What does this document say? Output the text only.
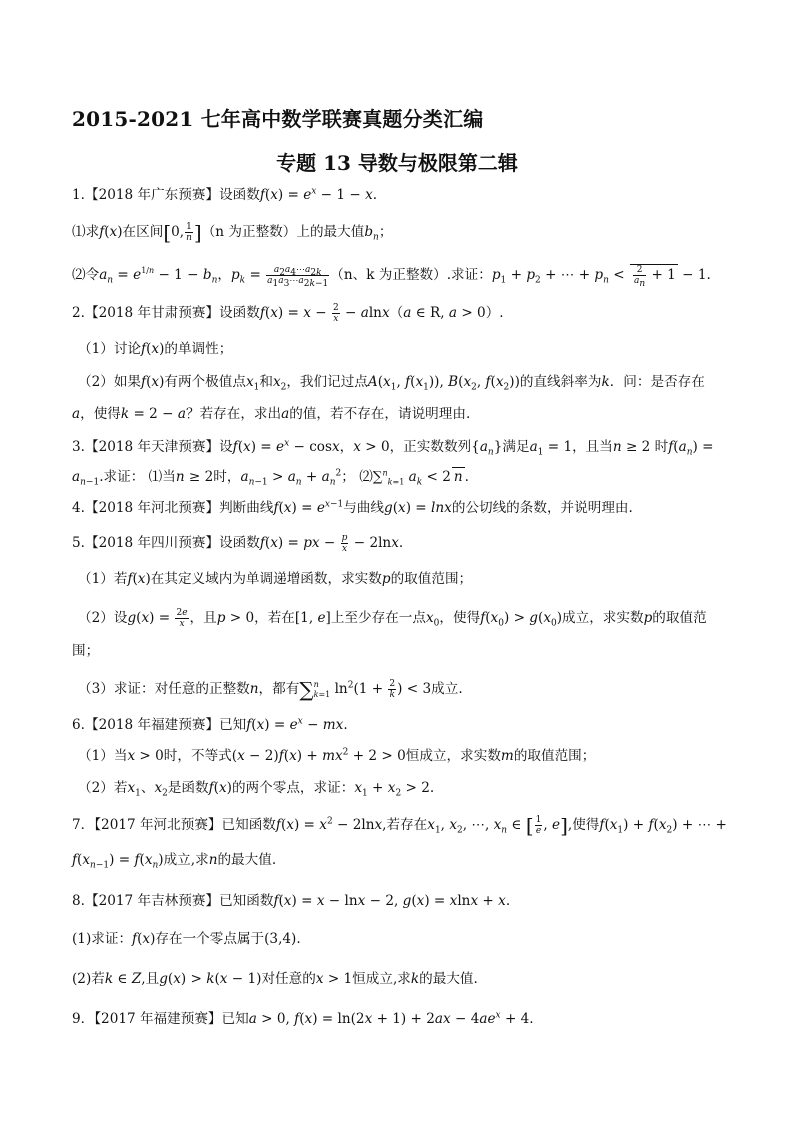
2015-2021 七年高中数学联赛真题分类汇编
专题 13 导数与极限第二辑
1.【2018 年广东预赛】设函数$f(x) = e^x - 1 - x$.
⑴求f(x)在区间[0, $\frac{1}{n} ](n$ 为正整数）上的最大值$b_n$；
⑵令$a_n = e^{1/n} - 1 - b_n$，$p_k = \frac{a_2a_4\cdots a_{2k}}{a_1a_3\cdots a_{2k-1}} (n$、k 为正整数）.求证：$p_1 + p_2$ + ⋯ + $p_n < \frac{2}{a_n} + 1 - 1$.
2.【2018 年甘肃预赛】设函数$f(x) = x - \frac{2}{x} - alnx(a$ ∈ R, a > 0）.
（1）讨论f(x)的单调性；
（2）如果f(x)有两个极值点$x_1$和$x_2$，我们记过点$A(x_1$, $f(x_1)$), $B(x_2$, $f(x_2)$)的直线斜率为k．问：是否存在
a，使得k = 2 − a？若存在，求出a的值，若不存在，请说明理由.
3.【2018 年天津预赛】设$f(x) = e^x - \cos x$，x > 0，正实数数列$\{a_n\}$满足$a_1 = 1$，且当n ≥ 2 时$f(a_n)$ =
$a_{n-1}$.求证： ⑴当n ≥ 2时，$a_{n-1} > a_n + a_n^2$； ⑵∑$^n_{k=1}$ $a_k < 2$ n .
4.【2018 年河北预赛】判断曲线$f(x) = e^{x-1}$与曲线g(x) = lnx的公切线的条数，并说明理由.
5.【2018 年四川预赛】设函数f(x) = px − $\frac{p}{x} - 2\ln x$.
（1）若f(x)在其定义域内为单调递增函数，求实数p的取值范围；
（2）设$g(x) = \frac{2e}{x}$ ，且p > 0，若在[1, e]上至少存在一点$x_0$，使得$f(x_0) > g(x_0)$成立，求实数p的取值范
围；
（3）求证：对任意的正整数n，都有∑ n
k=1 $\ln^2(1 + \frac{2}{k}$ ) < 3成立.
6.【2018 年福建预赛】已知$f(x) = e^x$ − mx.
（1）当x > 0时，不等式$(x - 2)f(x) + mx^2 + 2 > 0$恒成立，求实数m的取值范围；
（2）若$x_1$、$x_2$是函数f(x)的两个零点，求证：$x_1 + x_2 > 2$.
7．【2017 年河北预赛】已知函数$f(x) = x^2 - 2\ln x$,若存在$x_1$, $x_2$, ⋯, $x_n$ ∈ [ $\frac{1}{e}$ , e],使得$f(x_1) + f(x_2)$ + ⋯ +
$f(x_{n-1}) = f(x_n)$成立,求n的最大值.
8.【2017 年吉林预赛】已知函数f(x) = x − lnx − 2, g(x) = xlnx + x.
(1)求证：f(x)存在一个零点属于(3,4).
(2)若k ∈ Z,且g(x) > k(x − 1)对任意的x > 1恒成立,求k的最大值.
9．【2017 年福建预赛】已知a > 0, $f(x) = \ln(2x + 1) + 2ax - 4ae^x + 4$.
